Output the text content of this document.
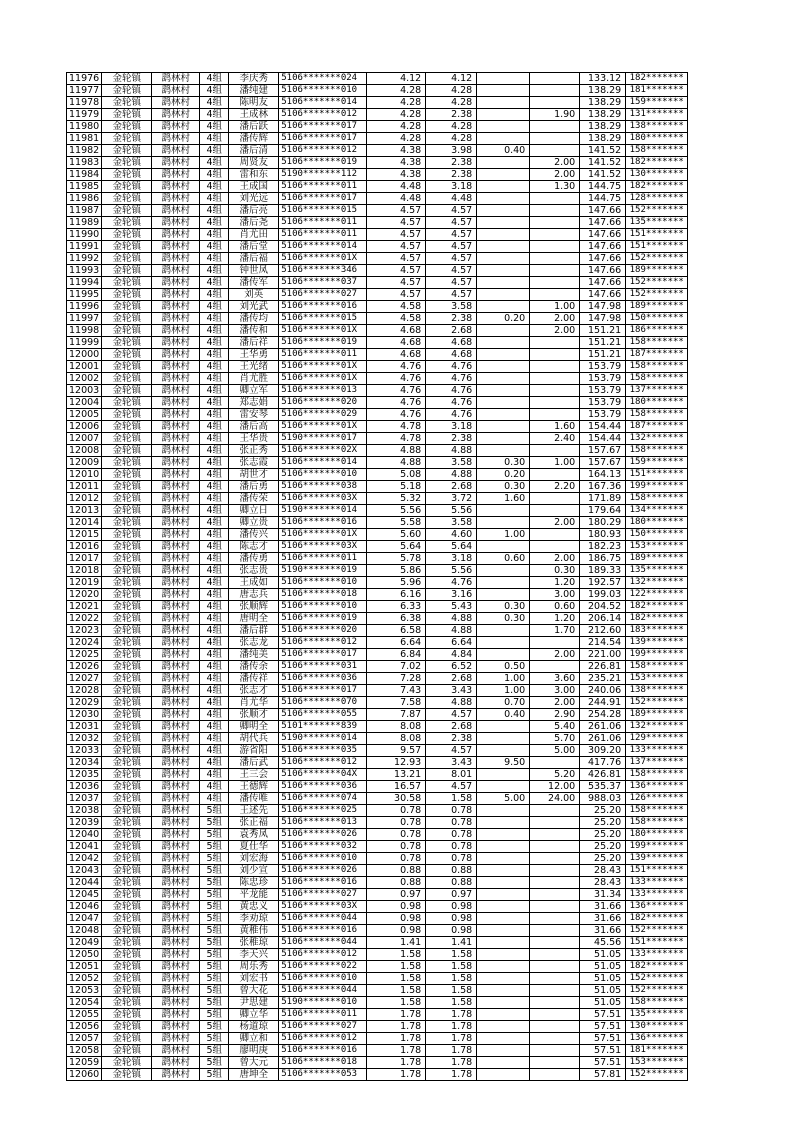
11976	金轮镇	鹞林村	4组	李庆秀	5106*******024	4.12	4.12			133.12	182*******
11977	金轮镇	鹞林村	4组	潘纯建	5106*******010	4.28	4.28			138.29	181*******
11978	金轮镇	鹞林村	4组	陈明友	5106*******014	4.28	4.28			138.29	159*******
11979	金轮镇	鹞林村	4组	王成林	5106*******012	4.28	2.38		1.90	138.29	131*******
11980	金轮镇	鹞林村	4组	潘后跃	5106*******017	4.28	4.28			138.29	138*******
11981	金轮镇	鹞林村	4组	潘传辉	5106*******017	4.28	4.28			138.29	180*******
11982	金轮镇	鹞林村	4组	潘后清	5106*******012	4.38	3.98	0.40		141.52	158*******
11983	金轮镇	鹞林村	4组	周贤友	5106*******019	4.38	2.38		2.00	141.52	182*******
11984	金轮镇	鹞林村	4组	雷和东	5190*******112	4.38	2.38		2.00	141.52	130*******
11985	金轮镇	鹞林村	4组	王成国	5106*******011	4.48	3.18		1.30	144.75	182*******
11986	金轮镇	鹞林村	4组	刘光远	5106*******017	4.48	4.48			144.75	128*******
11987	金轮镇	鹞林村	4组	潘后亮	5106*******015	4.57	4.57			147.66	152*******
11989	金轮镇	鹞林村	4组	潘后尧	5106*******011	4.57	4.57			147.66	135*******
11990	金轮镇	鹞林村	4组	肖尤田	5106*******011	4.57	4.57			147.66	151*******
11991	金轮镇	鹞林村	4组	潘后堂	5106*******014	4.57	4.57			147.66	151*******
11992	金轮镇	鹞林村	4组	潘后福	5106*******01X	4.57	4.57			147.66	152*******
11993	金轮镇	鹞林村	4组	钟世凤	5106*******346	4.57	4.57			147.66	189*******
11994	金轮镇	鹞林村	4组	潘传军	5106*******037	4.57	4.57			147.66	152*******
11995	金轮镇	鹞林村	4组	刘英	5106*******027	4.57	4.57			147.66	152*******
11996	金轮镇	鹞林村	4组	刘光武	5106*******016	4.58	3.58		1.00	147.98	189*******
11997	金轮镇	鹞林村	4组	潘传均	5106*******015	4.58	2.38	0.20	2.00	147.98	150*******
11998	金轮镇	鹞林村	4组	潘传和	5106*******01X	4.68	2.68		2.00	151.21	186*******
11999	金轮镇	鹞林村	4组	潘后祥	5106*******019	4.68	4.68			151.21	158*******
12000	金轮镇	鹞林村	4组	王华勇	5106*******011	4.68	4.68			151.21	187*******
12001	金轮镇	鹞林村	4组	王光绪	5106*******01X	4.76	4.76			153.79	158*******
12002	金轮镇	鹞林村	4组	肖尤胜	5106*******01X	4.76	4.76			153.79	158*******
12003	金轮镇	鹞林村	4组	卿立军	5106*******013	4.76	4.76			153.79	137*******
12004	金轮镇	鹞林村	4组	郑志娟	5106*******020	4.76	4.76			153.79	180*******
12005	金轮镇	鹞林村	4组	雷安琴	5106*******029	4.76	4.76			153.79	158*******
12006	金轮镇	鹞林村	4组	潘后高	5106*******01X	4.78	3.18		1.60	154.44	187*******
12007	金轮镇	鹞林村	4组	王华贵	5190*******017	4.78	2.38		2.40	154.44	132*******
12008	金轮镇	鹞林村	4组	张正秀	5106*******02X	4.88	4.88			157.67	158*******
12009	金轮镇	鹞林村	4组	张志霞	5106*******014	4.88	3.58	0.30	1.00	157.67	159*******
12010	金轮镇	鹞林村	4组	胡世才	5106*******010	5.08	4.88	0.20		164.13	151*******
12011	金轮镇	鹞林村	4组	潘后勇	5106*******038	5.18	2.68	0.30	2.20	167.36	199*******
12012	金轮镇	鹞林村	4组	潘传荣	5106*******03X	5.32	3.72	1.60		171.89	158*******
12013	金轮镇	鹞林村	4组	卿立日	5190*******014	5.56	5.56			179.64	134*******
12014	金轮镇	鹞林村	4组	卿立贵	5106*******016	5.58	3.58		2.00	180.29	180*******
12015	金轮镇	鹞林村	4组	潘传兴	5106*******01X	5.60	4.60	1.00		180.93	150*******
12016	金轮镇	鹞林村	4组	陈志才	5106*******03X	5.64	5.64			182.23	153*******
12017	金轮镇	鹞林村	4组	潘传勇	5106*******011	5.78	3.18	0.60	2.00	186.75	189*******
12018	金轮镇	鹞林村	4组	张志贵	5190*******019	5.86	5.56		0.30	189.33	135*******
12019	金轮镇	鹞林村	4组	王成如	5106*******010	5.96	4.76		1.20	192.57	132*******
12020	金轮镇	鹞林村	4组	唐志兵	5106*******018	6.16	3.16		3.00	199.03	122*******
12021	金轮镇	鹞林村	4组	张顺辉	5106*******010	6.33	5.43	0.30	0.60	204.52	182*******
12022	金轮镇	鹞林村	4组	唐明全	5106*******019	6.38	4.88	0.30	1.20	206.14	182*******
12023	金轮镇	鹞林村	4组	潘后群	5106*******020	6.58	4.88		1.70	212.60	183*******
12024	金轮镇	鹞林村	4组	张志龙	5106*******012	6.64	6.64			214.54	139*******
12025	金轮镇	鹞林村	4组	潘纯美	5106*******017	6.84	4.84		2.00	221.00	199*******
12026	金轮镇	鹞林村	4组	潘传余	5106*******031	7.02	6.52	0.50		226.81	158*******
12027	金轮镇	鹞林村	4组	潘传祥	5106*******036	7.28	2.68	1.00	3.60	235.21	153*******
12028	金轮镇	鹞林村	4组	张志才	5106*******017	7.43	3.43	1.00	3.00	240.06	138*******
12029	金轮镇	鹞林村	4组	肖尤华	5106*******070	7.58	4.88	0.70	2.00	244.91	152*******
12030	金轮镇	鹞林村	4组	张顺才	5106*******055	7.87	4.57	0.40	2.90	254.28	189*******
12031	金轮镇	鹞林村	4组	卿明全	5101*******839	8.08	2.68		5.40	261.06	132*******
12032	金轮镇	鹞林村	4组	胡代兵	5190*******014	8.08	2.38		5.70	261.06	129*******
12033	金轮镇	鹞林村	4组	游省阳	5106*******035	9.57	4.57		5.00	309.20	133*******
12034	金轮镇	鹞林村	4组	潘后武	5106*******012	12.93	3.43	9.50		417.76	137*******
12035	金轮镇	鹞林村	4组	王三会	5106*******04X	13.21	8.01		5.20	426.81	158*******
12036	金轮镇	鹞林村	4组	王德辉	5106*******036	16.57	4.57		12.00	535.37	136*******
12037	金轮镇	鹞林村	4组	潘传唯	5106*******074	30.58	1.58	5.00	24.00	988.03	126*******
12038	金轮镇	鹞林村	5组	王述先	5106*******025	0.78	0.78			25.20	158*******
12039	金轮镇	鹞林村	5组	张正福	5106*******013	0.78	0.78			25.20	158*******
12040	金轮镇	鹞林村	5组	袁秀凤	5106*******026	0.78	0.78			25.20	180*******
12041	金轮镇	鹞林村	5组	夏仕华	5106*******032	0.78	0.78			25.20	199*******
12042	金轮镇	鹞林村	5组	刘宏海	5106*******010	0.78	0.78			25.20	139*******
12043	金轮镇	鹞林村	5组	刘少宣	5106*******026	0.88	0.88			28.43	151*******
12044	金轮镇	鹞林村	5组	陈忠珍	5106*******016	0.88	0.88			28.43	133*******
12045	金轮镇	鹞林村	5组	平龙能	5106*******027	0.97	0.97			31.34	133*******
12046	金轮镇	鹞林村	5组	黄忠义	5106*******03X	0.98	0.98			31.66	136*******
12047	金轮镇	鹞林村	5组	李劝琼	5106*******044	0.98	0.98			31.66	182*******
12048	金轮镇	鹞林村	5组	黄稚伟	5106*******016	0.98	0.98			31.66	152*******
12049	金轮镇	鹞林村	5组	张稚琼	5106*******044	1.41	1.41			45.56	151*******
12050	金轮镇	鹞林村	5组	李天兴	5106*******012	1.58	1.58			51.05	133*******
12051	金轮镇	鹞林村	5组	周乐秀	5106*******022	1.58	1.58			51.05	182*******
12052	金轮镇	鹞林村	5组	刘宏书	5106*******010	1.58	1.58			51.05	152*******
12053	金轮镇	鹞林村	5组	曾大花	5106*******044	1.58	1.58			51.05	152*******
12054	金轮镇	鹞林村	5组	尹思建	5190*******010	1.58	1.58			51.05	158*******
12055	金轮镇	鹞林村	5组	卿立华	5106*******011	1.78	1.78			57.51	135*******
12056	金轮镇	鹞林村	5组	杨道琼	5106*******027	1.78	1.78			57.51	130*******
12057	金轮镇	鹞林村	5组	卿立和	5106*******012	1.78	1.78			57.51	136*******
12058	金轮镇	鹞林村	5组	廖明庚	5106*******016	1.78	1.78			57.51	181*******
12059	金轮镇	鹞林村	5组	曾大元	5106*******018	1.78	1.78			57.51	153*******
12060	金轮镇	鹞林村	5组	唐坤全	5106*******053	1.78	1.78			57.81	152*******
